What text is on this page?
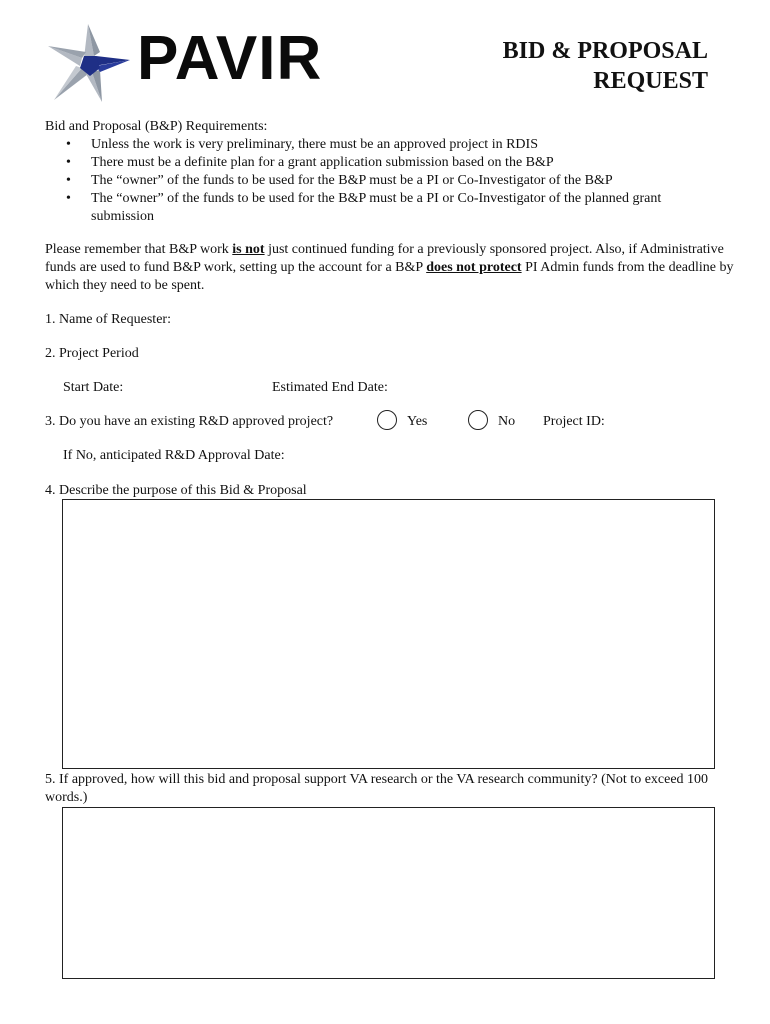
PAVIR	BID & PROPOSAL
REQUEST
Bid and Proposal (B&P) Requirements:
• Unless the work is very preliminary, there must be an approved project in RDIS
• There must be a definite plan for a grant application submission based on the B&P
• The “owner” of the funds to be used for the B&P must be a PI or Co-Investigator of the B&P
• The “owner” of the funds to be used for the B&P must be a PI or Co-Investigator of the planned grant submission
Please remember that B&P work is not just continued funding for a previously sponsored project. Also, if Administrative funds are used to fund B&P work, setting up the account for a B&P does not protect PI Admin funds from the deadline by which they need to be spent.
1. Name of Requester:
2. Project Period
Start Date:	Estimated End Date:
3. Do you have an existing R&D approved project?	Yes	No Project ID:
If No, anticipated R&D Approval Date:
4. Describe the purpose of this Bid & Proposal
5. If approved, how will this bid and proposal support VA research or the VA research community? (Not to exceed 100 words.)
